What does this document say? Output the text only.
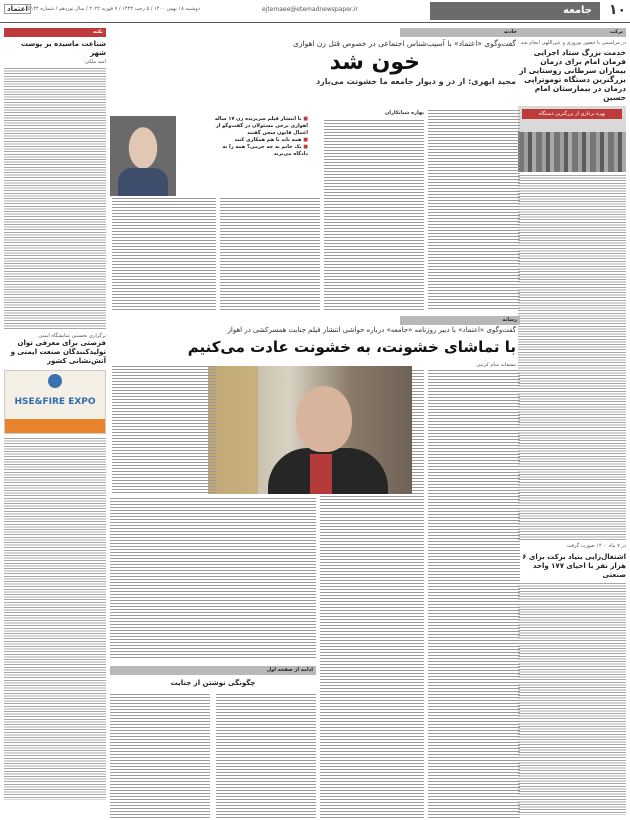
۱۰
جامعه
ejtemaee@etemadnewspaper.ir
دوشنبه ۱۸ بهمن ۱۴۰۰ / ۵ رجب ۱۴۴۳ / ۷ فوریه ۲۰۲۲ / سال نوزدهم / شماره ۵۱۲۴
اعتماد
برکت
در مراسمی با حضور نوروزی و عین‌اللهی انجام شد
خدمت بزرگ ستاد اجرایی فرمان امام برای درمان بیماران سرطانی روستایی از بزرگترین دستگاه توموتراپی درمان در بیمارستان امام حسین
بهره برداری از بزرگترین دستگاه
در ۷ ماه ۱۴۰۰ صورت گرفت
اشتغال‌زایی بنیاد برکت برای ۶ هزار نفر با احیای ۱۷۷ واحد صنعتی
نکته
شناعت ماسیده بر پوست شهر
امید ملکی
برگزاری نخستین نمایشگاه ایمنی
فرصتی برای معرفی توان تولیدکنندگان صنعت ایمنی و آتش‌نشانی کشور
HSE&FIRE EXPO
حادثه
گفت‌وگوی «اعتماد» با آسیب‌شناس اجتماعی در خصوص قتل زن اهوازی
خون شد
مجید ابهری: از در و دیوار جامعه ما خشونت می‌بارد
■ با انتشار فیلم سربریده زن ۱۷ ساله اهوازی برخی مسئولان در گفت‌وگو از اعمال قانون سخن گفتند
■ همه باید با هم همکاری کنند
■ یک خانم به چه جرمی؟ همه را به دادگاه می‌برند
بهاره شبانکاران
رسانه
گفت‌وگوی «اعتماد» با دبیر روزنامه «جامعه» درباره حواشی انتشار فیلم جنایت همسرکشی در اهواز
با تماشای خشونت، به خشونت عادت می‌کنیم
مشقانه سام کرتبی
ادامه از صفحه اول
چگونگی نوشتن از جنایت
